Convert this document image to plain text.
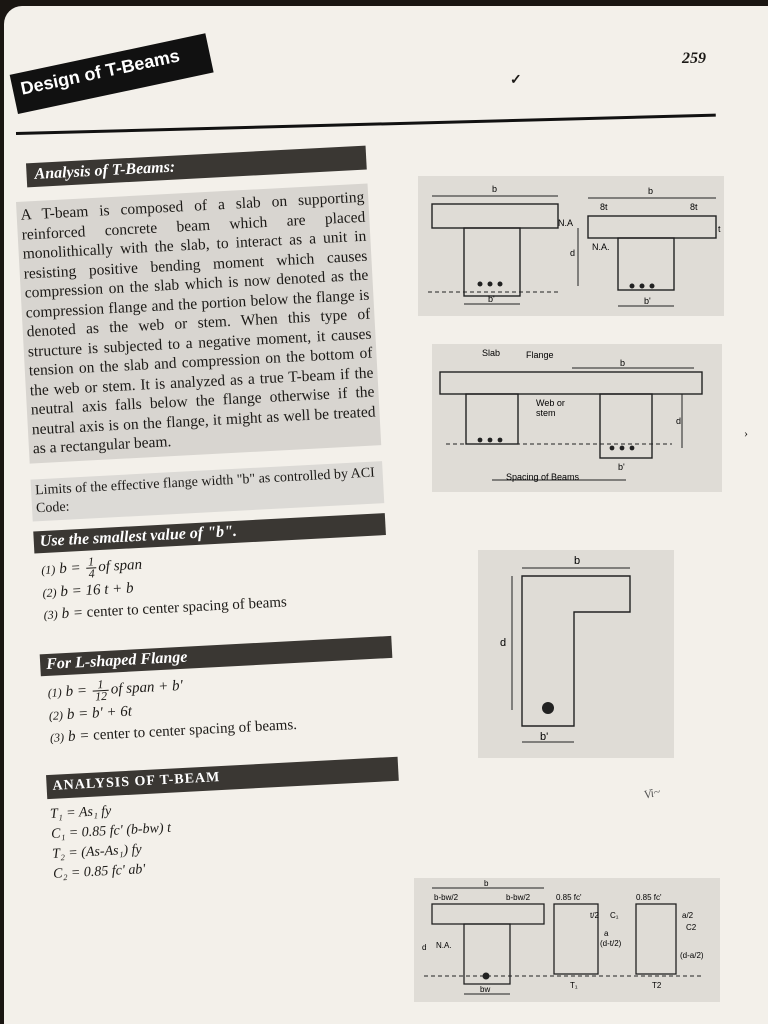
✓
259
Design of T-Beams
Analysis of T-Beams:
A T-beam is composed of a slab on supporting reinforced concrete beam which are placed monolithically with the slab, to interact as a unit in resisting positive bending moment which causes compression on the slab which is now denoted as the compression flange and the portion below the flange is denoted as the web or stem. When this type of structure is subjected to a negative moment, it causes tension on the slab and compression on the bottom of the web or stem. It is analyzed as a true T-beam if the neutral axis falls below the flange otherwise if the neutral axis is on the flange, it might as well be treated as a rectangular beam.
Limits of the effective flange width "b" as controlled by ACI Code:
Use the smallest value of "b".
(1) $b = \frac{1}{4}$ of span
(2) b = 16 t + b
(3) b = center to center spacing of beams
For L-shaped Flange
(1) $b = \frac{1}{12}$ of span + b'
(2) b = b' + 6t
(3) b = center to center spacing of beams.
ANALYSIS OF T-BEAM
T₁ = As₁ fy
C₁ = 0.85 fc' (b-bw) t
T₂ = (As-As₁) fy
C₂ = 0.85 fc' ab'
b
b'
N.A
d
b
8t	8t
t
N.A.
b'
Slab	Flange
b
Web or
stem
d
b'
Spacing of Beams
b
d
b'
b
b-bw/2	b-bw/2
N.A.
d
bw
0.85 fc'
t/2 C₁
a
(d-t/2)
T₁
0.85 fc'
a/2
C2
(d-a/2)
T2
Vi~
›
